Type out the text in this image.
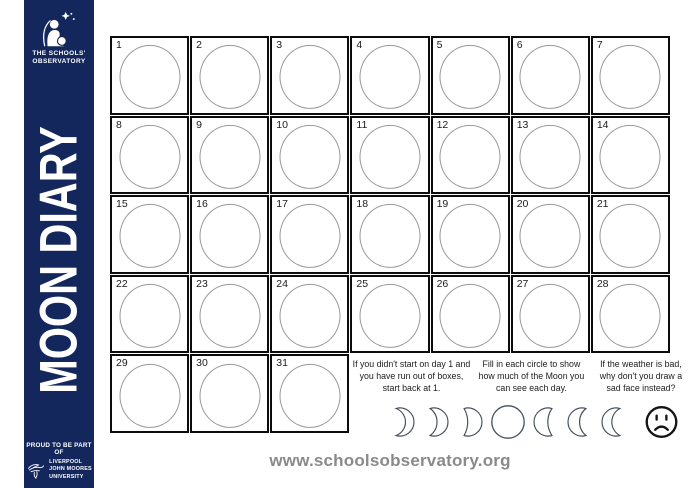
THE SCHOOLS'
OBSERVATORY
MOON DIARY
PROUD TO BE PART OF
LIVERPOOL
JOHN MOORES
UNIVERSITY
1	2	3	4	5	6	7
8	9	10	11	12	13	14
15	16	17	18	19	20	21
22	23	24	25	26	27	28
29	30	31	If you didn't start on day 1 and you have run out of boxes, start back at 1.
Fill in each circle to show how much of the Moon you can see each day.
If the weather is bad, why don't you draw a sad face instead?
www.schoolsobservatory.org
